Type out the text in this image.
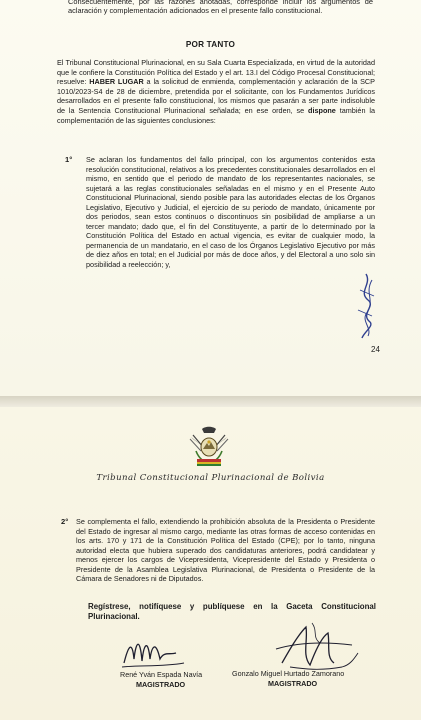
Consecuentemente, por las razones anotadas, corresponde incluir los argumentos de aclaración y complementación adicionados en el presente fallo constitucional.

POR TANTO

El Tribunal Constitucional Plurinacional, en su Sala Cuarta Especializada, en virtud de la autoridad que le confiere la Constitución Política del Estado y el art. 13.I del Código Procesal Constitucional; resuelve: HABER LUGAR a la solicitud de enmienda, complementación y aclaración de la SCP 1010/2023-S4 de 28 de diciembre, pretendida por el solicitante, con los Fundamentos Jurídicos desarrollados en el presente fallo constitucional, los mismos que pasarán a ser parte indisoluble de la Sentencia Constitucional Plurinacional señalada; en ese orden, se dispone también la complementación de las siguientes conclusiones:

1° Se aclaran los fundamentos del fallo principal, con los argumentos contenidos esta resolución constitucional, relativos a los precedentes constitucionales desarrollados en el mismo, en sentido que el periodo de mandato de los representantes nacionales, se sujetará a las reglas constitucionales señaladas en el mismo y en el Presente Auto Constitucional Plurinacional, siendo posible para las autoridades electas de los Órganos Legislativo, Ejecutivo y Judicial, el ejercicio de su periodo de mandato, únicamente por dos periodos, sean estos continuos o discontinuos sin posibilidad de ampliarse a un tercer mandato; dado que, el fin del Constituyente, a partir de lo determinado por la Constitución Política del Estado en actual vigencia, es evitar de cualquier modo, la permanencia de un mandatario, en el caso de los Órganos Legislativo Ejecutivo por más de diez años en total; en el Judicial por más de doce años, y del Electoral a uno solo sin posibilidad a reelección; y,

24
Tribunal Constitucional Plurinacional de Bolivia
2° Se complementa el fallo, extendiendo la prohibición absoluta de la Presidenta o Presidente del Estado de ingresar al mismo cargo, mediante las otras formas de acceso contenidas en los arts. 170 y 171 de la Constitución Política del Estado (CPE); por lo tanto, ninguna autoridad electa que hubiera superado dos candidaturas anteriores, podrá candidatear y menos ejercer los cargos de Vicepresidenta, Vicepresidente del Estado y Presidenta o Presidente de la Asamblea Legislativa Plurinacional, de Presidenta o Presidente de la Cámara de Senadores ni de Diputados.

Regístrese, notifíquese y publíquese en la Gaceta Constitucional Plurinacional.

René Yván Espada Navía
MAGISTRADO
Gonzalo Miguel Hurtado Zamorano
MAGISTRADO
